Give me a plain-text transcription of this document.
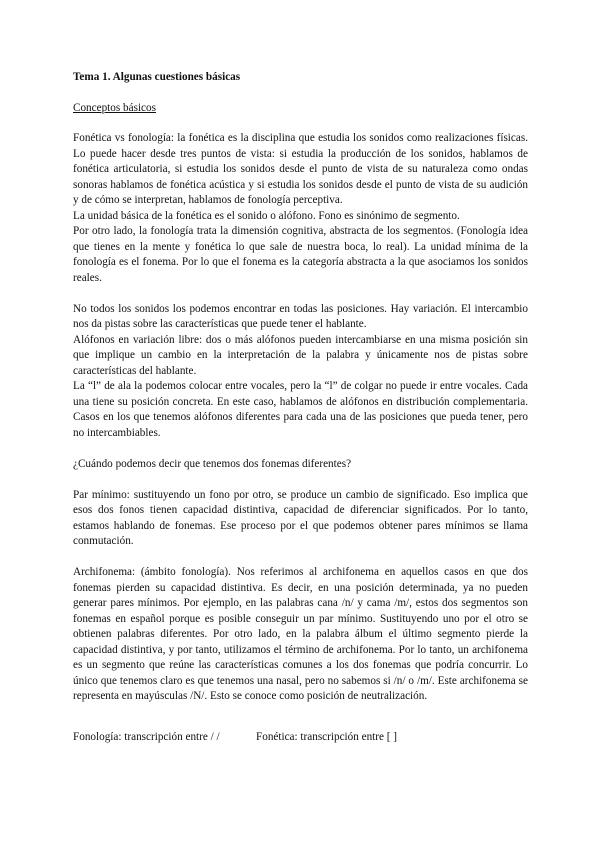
Tema 1. Algunas cuestiones básicas
Conceptos básicos

Fonética vs fonología: la fonética es la disciplina que estudia los sonidos como realizaciones físicas. Lo puede hacer desde tres puntos de vista: si estudia la producción de los sonidos, hablamos de fonética articulatoria, si estudia los sonidos desde el punto de vista de su naturaleza como ondas sonoras hablamos de fonética acústica y si estudia los sonidos desde el punto de vista de su audición y de cómo se interpretan, hablamos de fonología perceptiva.

La unidad básica de la fonética es el sonido o alófono. Fono es sinónimo de segmento.

Por otro lado, la fonología trata la dimensión cognitiva, abstracta de los segmentos. (Fonología idea que tienes en la mente y fonética lo que sale de nuestra boca, lo real). La unidad mínima de la fonología es el fonema. Por lo que el fonema es la categoría abstracta a la que asociamos los sonidos reales.

No todos los sonidos los podemos encontrar en todas las posiciones. Hay variación. El intercambio nos da pistas sobre las características que puede tener el hablante.

Alófonos en variación libre: dos o más alófonos pueden intercambiarse en una misma posición sin que implique un cambio en la interpretación de la palabra y únicamente nos de pistas sobre características del hablante.

La “l” de ala la podemos colocar entre vocales, pero la “l” de colgar no puede ir entre vocales. Cada una tiene su posición concreta. En este caso, hablamos de alófonos en distribución complementaria. Casos en los que tenemos alófonos diferentes para cada una de las posiciones que pueda tener, pero no intercambiables.

¿Cuándo podemos decir que tenemos dos fonemas diferentes?

Par mínimo: sustituyendo un fono por otro, se produce un cambio de significado. Eso implica que esos dos fonos tienen capacidad distintiva, capacidad de diferenciar significados. Por lo tanto, estamos hablando de fonemas. Ese proceso por el que podemos obtener pares mínimos se llama conmutación.

Archifonema: (ámbito fonología). Nos referimos al archifonema en aquellos casos en que dos fonemas pierden su capacidad distintiva. Es decir, en una posición determinada, ya no pueden generar pares mínimos. Por ejemplo, en las palabras cana /n/ y cama /m/, estos dos segmentos son fonemas en español porque es posible conseguir un par mínimo. Sustituyendo uno por el otro se obtienen palabras diferentes. Por otro lado, en la palabra álbum el último segmento pierde la capacidad distintiva, y por tanto, utilizamos el término de archifonema. Por lo tanto, un archifonema es un segmento que reúne las características comunes a los dos fonemas que podría concurrir. Lo único que tenemos claro es que tenemos una nasal, pero no sabemos si /n/ o /m/. Este archifonema se representa en mayúsculas /N/. Esto se conoce como posición de neutralización.

Fonología: transcripción entre / /	Fonética: transcripción entre [ ]
